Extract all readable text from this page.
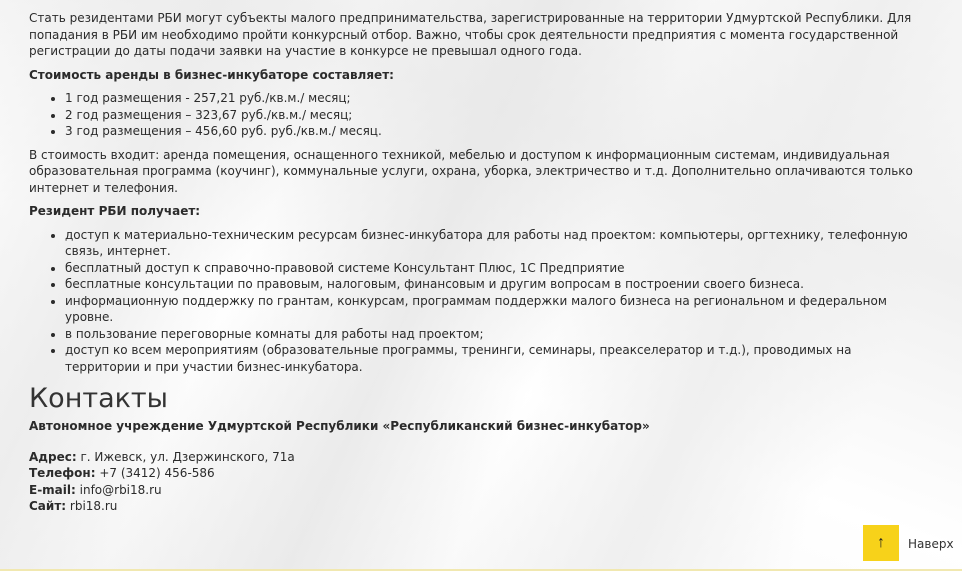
Стать резидентами РБИ могут субъекты малого предпринимательства, зарегистрированные на территории Удмуртской Республики. Для попадания в РБИ им необходимо пройти конкурсный отбор. Важно, чтобы срок деятельности предприятия с момента государственной регистрации до даты подачи заявки на участие в конкурсе не превышал одного года.

Стоимость аренды в бизнес-инкубаторе составляет:

• 1 год размещения - 257,21 руб./кв.м./ месяц;
• 2 год размещения – 323,67 руб./кв.м./ месяц;
• 3 год размещения – 456,60 руб. руб./кв.м./ месяц.

В стоимость входит: аренда помещения, оснащенного техникой, мебелью и доступом к информационным системам, индивидуальная образовательная программа (коучинг), коммунальные услуги, охрана, уборка, электричество и т.д. Дополнительно оплачиваются только интернет и телефония.

Резидент РБИ получает:

• доступ к материально-техническим ресурсам бизнес-инкубатора для работы над проектом: компьютеры, оргтехнику, телефонную связь, интернет.
• бесплатный доступ к справочно-правовой системе Консультант Плюс, 1С Предприятие
• бесплатные консультации по правовым, налоговым, финансовым и другим вопросам в построении своего бизнеса.
• информационную поддержку по грантам, конкурсам, программам поддержки малого бизнеса на региональном и федеральном уровне.
• в пользование переговорные комнаты для работы над проектом;
• доступ ко всем мероприятиям (образовательные программы, тренинги, семинары, преакселератор и т.д.), проводимых на территории и при участии бизнес-инкубатора.
Контакты

Автономное учреждение Удмуртской Республики «Республиканский бизнес-инкубатор»

Адрес: г. Ижевск, ул. Дзержинского, 71а

Телефон: +7 (3412) 456-586

E-mail: info@rbi18.ru

Сайт: rbi18.ru

↑ Наверх
